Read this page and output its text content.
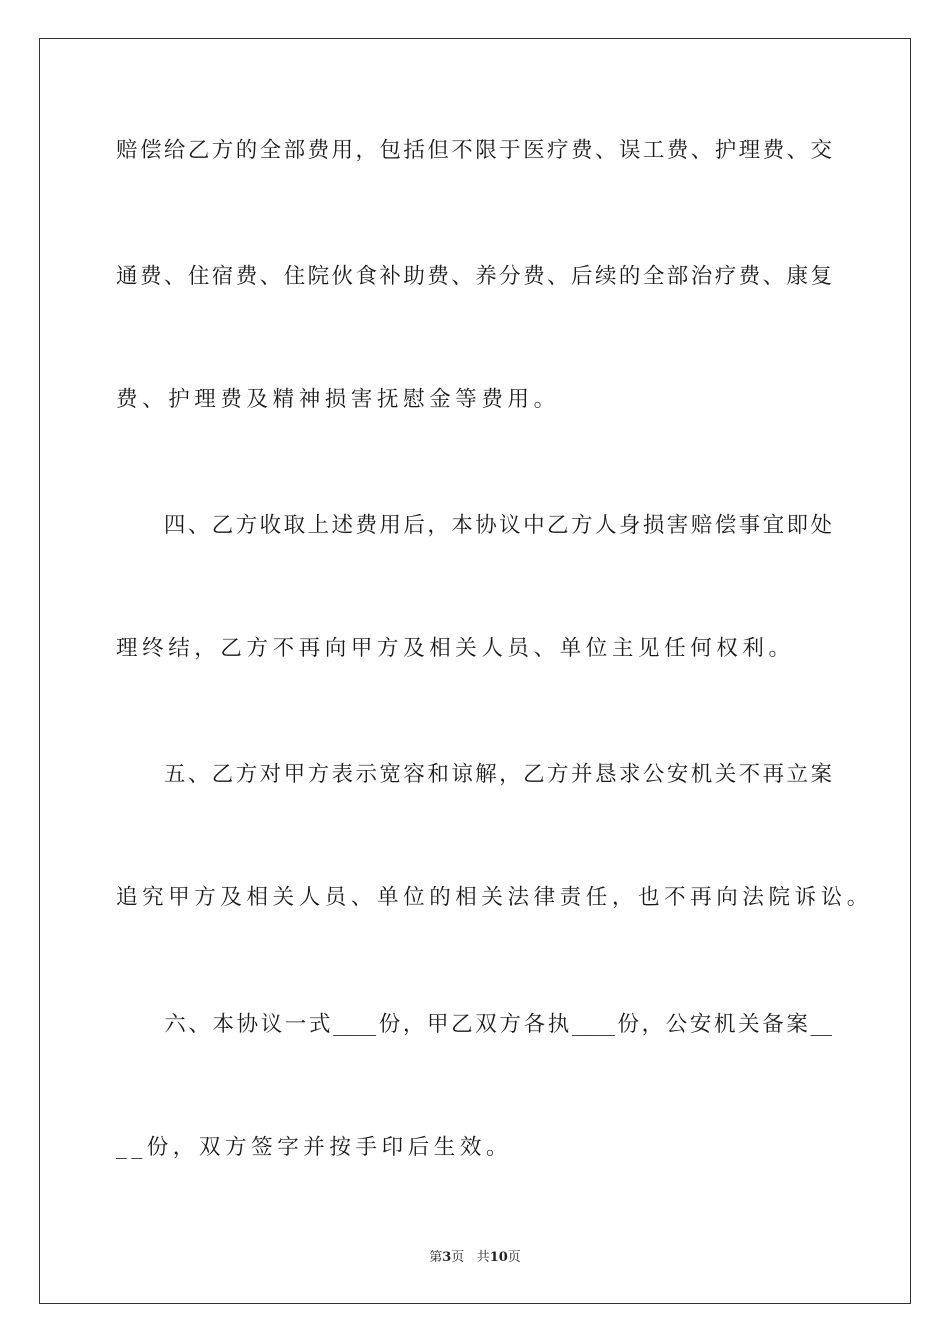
赔偿给乙方的全部费用，包括但不限于医疗费、误工费、护理费、交
通费、住宿费、住院伙食补助费、养分费、后续的全部治疗费、康复
费、护理费及精神损害抚慰金等费用。
　　四、乙方收取上述费用后，本协议中乙方人身损害赔偿事宜即处
理终结，乙方不再向甲方及相关人员、单位主见任何权利。
　　五、乙方对甲方表示宽容和谅解，乙方并恳求公安机关不再立案
追究甲方及相关人员、单位的相关法律责任，也不再向法院诉讼。
　　六、本协议一式____份，甲乙双方各执____份，公安机关备案__
__份，双方签字并按手印后生效。
第3页 共10页
